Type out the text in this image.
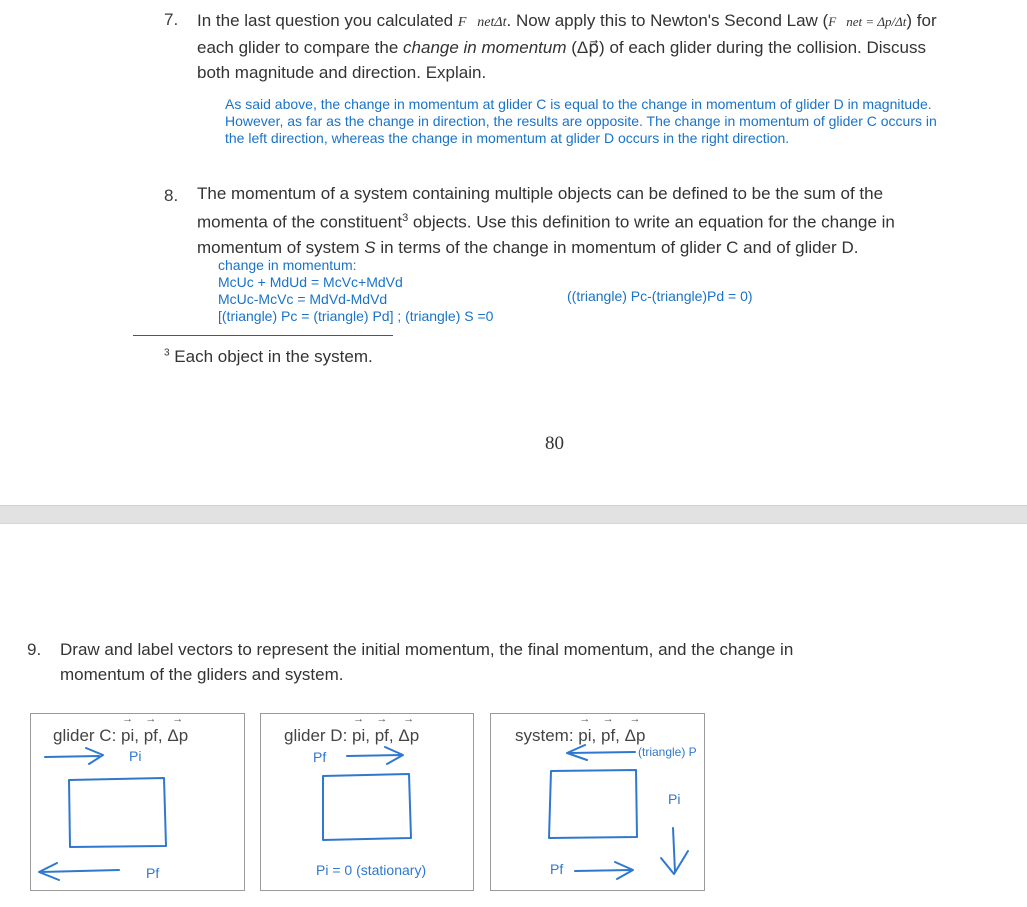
7. In the last question you calculated F⃗netΔt. Now apply this to Newton's Second Law (F⃗net = Δp/Δt) for
each glider to compare the change in momentum (Δp⃗) of each glider during the collision. Discuss
both magnitude and direction. Explain.
As said above, the change in momentum at glider C is equal to the change in momentum of glider D in magnitude.
However, as far as the change in direction, the results are opposite. The change in momentum of glider C occurs in
the left direction, whereas the change in momentum at glider D occurs in the right direction.
8. The momentum of a system containing multiple objects can be defined to be the sum of the
momenta of the constituent$^3$ objects. Use this definition to write an equation for the change in
momentum of system S in terms of the change in momentum of glider C and of glider D.
change in momentum:
McUc + MdUd = McVc+MdVd
McUc-McVc = MdVd-MdVd
[(triangle) Pc = (triangle) Pd] ; (triangle) S =0
((triangle) Pc-(triangle)Pd = 0)
$^3$ Each object in the system.
80
9. Draw and label vectors to represent the initial momentum, the final momentum, and the change in
momentum of the gliders and system.
glider C: → pi, → pf, → Δp
Pi
Pf
glider D: → pi, → pf, → Δp
Pf
Pi = 0 (stationary)
system: → pi, → pf, → Δp
(triangle) P
Pi
Pf
